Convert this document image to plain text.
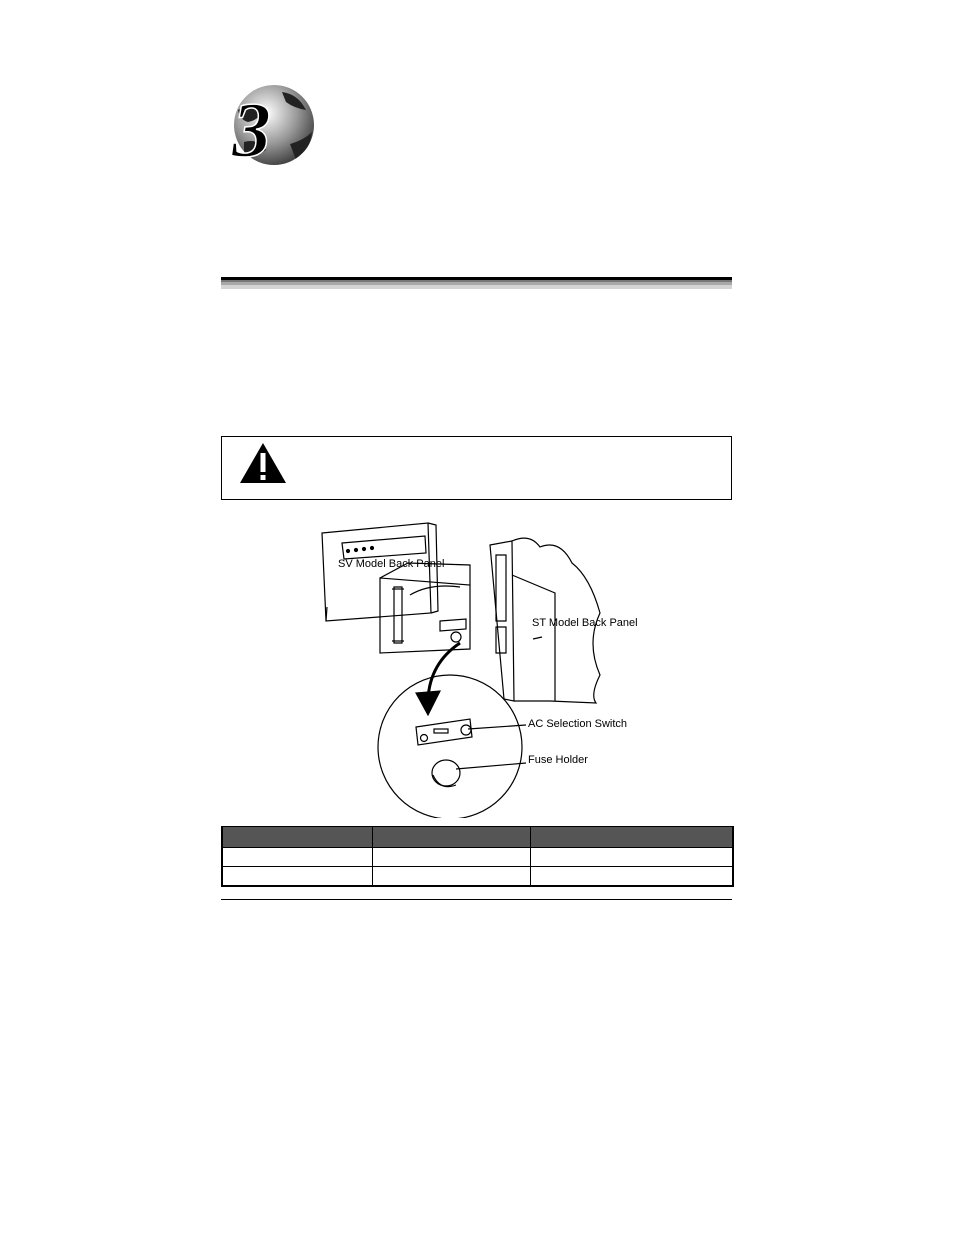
3
SV Model Back Panel
ST Model Back Panel
AC Selection Switch
Fuse Holder
